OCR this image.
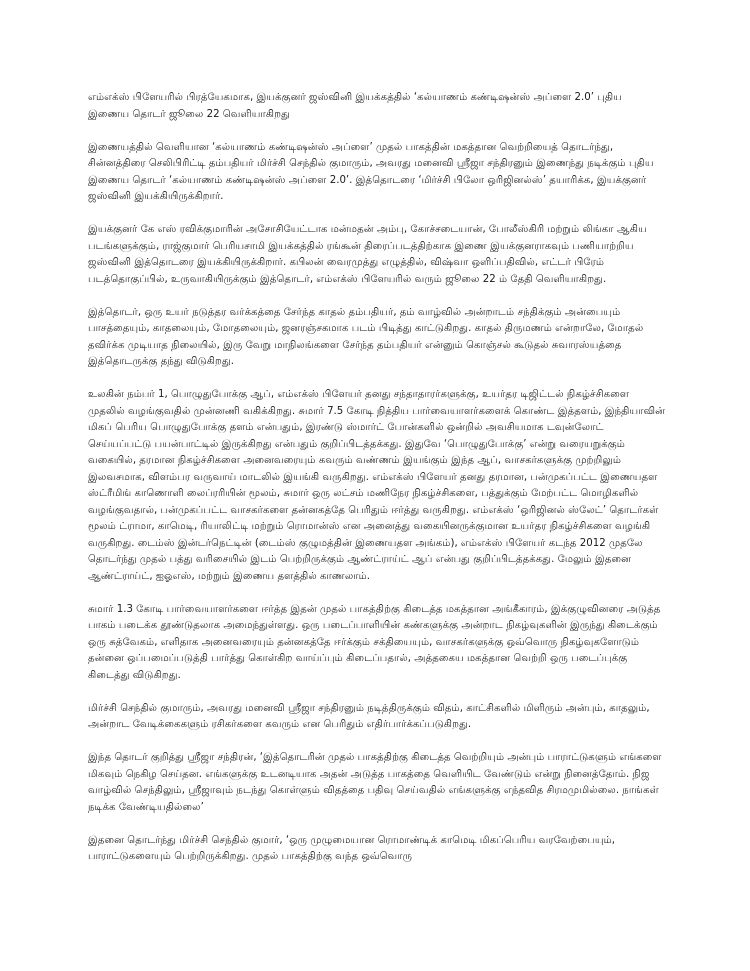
எம்எக்ஸ் பிளேயரில் பிரத்யேகமாக, இயக்குனர் ஜஸ்வினி இயக்கத்தில் ‘கல்யாணம் கண்டிஷன்ஸ் அப்ளை 2.0’ புதிய இணைய தொடர் ஜூலை 22 வெளியாகிறது

இணையத்தில் வெளியான ‘கல்யாணம் கண்டிஷன்ஸ் அப்ளை’ முதல் பாகத்தின் மகத்தான வெற்றியைத் தொடர்ந்து, சின்னத்திரை செலிபிரிட்டி தம்பதியர் மிர்ச்சி செந்தில் குமாரும், அவரது மனைவி ஸ்ரீஜா சந்திரனும் இணைந்து நடிக்கும் புதிய இணைய தொடர் ‘கல்யாணம் கண்டிஷன்ஸ் அப்ளை 2.0’. இத்தொடரை ‘மிர்ச்சி பிலோ ஒரிஜினல்ஸ்’ தயாரிக்க, இயக்குனர் ஜஸ்வினி இயக்கியிருக்கிறார்.

இயக்குனர் கே எஸ் ரவிக்குமாரின் அசோசியேட்டாக மன்மதன் அம்பு, கோச்சடையான், போலீஸ்கிரி மற்றும் லிங்கா ஆகிய படங்களுக்கும், ராஜ்குமார் பெரியசாமி இயக்கத்தில் ரங்கூன் திரைப்படத்திற்காக இணை இயக்குனராகவும் பணியாற்றிய ஜஸ்வினி இத்தொடரை இயக்கியிருக்கிறார். கபிலன் வைரமுத்து எழுத்தில், விஷ்வா ஒளிப்பதிவில், எட்டர் பிரேம் படத்தொகுப்பில், உருவாகியிருக்கும் இத்தொடர், எம்எக்ஸ் பிளேயரில் வரும் ஜூலை 22 ம் தேதி வெளியாகிறது.

இத்தொடர், ஒரு உயர் நடுத்தர வர்க்கத்தை சேர்ந்த காதல் தம்பதியர், தம் வாழ்வில் அன்றாடம் சந்திக்கும் அன்பையும் பாசத்தையும், காதலையும், மோதலையும், ஜனரஞ்சகமாக படம் பிடித்து காட்டுகிறது. காதல் திருமணம் என்றாலே, மோதல் தவிர்க்க முடியாத நிலையில், இரு வேறு மாநிலங்களை சேர்ந்த தம்பதியர் என்னும் கொஞ்சல் கூடுதல் சுவாரஸ்யத்தை இத்தொடருக்கு தந்து விடுகிறது.

உலகின் நம்பர் 1, பொழுதுபோக்கு ஆப், எம்எக்ஸ் பிளேயர் தனது சந்தாதாரர்களுக்கு, உயர்தர டிஜிட்டல் நிகழ்ச்சிகளை முதலில் வழங்குவதில் முன்னணி வகிக்கிறது. சுமார் 7.5 கோடி நித்திய பார்வையாளர்களைக் கொண்ட இத்தளம், இந்தியாவின் மிகப் பெரிய பொழுதுபோக்கு தளம் என்பதும், இரண்டு ஸ்மார்ட் போன்களில் ஒன்றில் அவசியமாக டவுன்லோட் செய்யப்பட்டு பயன்பாட்டில் இருக்கிறது என்பதும் குறிப்பிடத்தக்கது. இதுவே ‘பொழுதுபோக்கு’ என்று வரையறுக்கும் வகையில், தரமான நிகழ்ச்சிகளை அனைவரையும் கவரும் வண்ணம் இயங்கும் இந்த ஆப், வாசகர்களுக்கு முற்றிலும் இலவசமாக, விளம்பர வருவாய் மாடலில் இயங்கி வருகிறது. எம்எக்ஸ் பிளேயர் தனது தரமான, பன்முகப்பட்ட இணையதள ஸ்ட்ரீமிங் காணொளி லைப்ரரியின் மூலம், சுமார் ஒரு லட்சம் மணிநேர நிகழ்ச்சிகளை, பத்துக்கும் மேற்பட்ட மொழிகளில் வழங்குவதால், பன்முகப்பட்ட வாசகர்களை தன்னகத்தே பெரிதும் ஈர்த்து வருகிறது. எம்எக்ஸ் ‘ஒரிஜினல் ஸ்லேட்’ தொடர்கள் மூலம் ட்ராமா, காமெடி, ரியாலிட்டி மற்றும் ரொமான்ஸ் என அனைத்து வகையினருக்குமான உயர்தர நிகழ்ச்சிகளை வழங்கி வருகிறது. டைம்ஸ் இன்டர்நெட்டின் (டைம்ஸ் குழுமத்தின் இணையதள அங்கம்), எம்எக்ஸ் பிளேயர் கடந்த 2012 முதலே தொடர்ந்து முதல் பத்து வரிசையில் இடம் பெற்றிருக்கும் ஆண்ட்ராய்ட் ஆப் என்பது குறிப்பிடத்தக்கது. மேலும் இதனை ஆண்ட்ராய்ட், ஐஓஎஸ், மற்றும் இணைய தளத்தில் காணலாம்.

சுமார் 1.3 கோடி பார்வையாளர்களை ஈர்த்த இதன் முதல் பாகத்திற்கு கிடைத்த மகத்தான அங்கீகாரம், இக்குழுவினரை அடுத்த பாகம் படைக்க தூண்டுதலாக அமைந்துள்ளது. ஒரு படைப்பாளியின் கண்களுக்கு அன்றாட நிகழ்வுகளின் இருந்து கிடைக்கும் ஒரு சுத்வேகம், எளிதாக அனைவரையும் தன்னகத்தே ஈர்க்கும் சக்தியையும், வாசகர்களுக்கு ஒவ்வொரு நிகழ்வுகளோடும் தன்னை ஒப்பமைப்படுத்தி பார்த்து கொள்கிற வாய்ப்பும் கிடைப்பதால், அத்தகைய மகத்தான வெற்றி ஒரு படைப்புக்கு கிடைத்து விடுகிறது.

மிர்ச்சி செந்தில் குமாரும், அவரது மனைவி ஸ்ரீஜா சந்திரனும் நடித்திருக்கும் விதம், காட்சிகளில் மிளிரும் அன்பும், காதலும், அன்றாட வேடிக்கைகளும் ரசிகர்களை கவரும் என பெரிதும் எதிர்பார்க்கப்படுகிறது.

இந்த தொடர் குறித்து ஸ்ரீஜா சந்திரன், ‘இத்தொடரின் முதல் பாகத்திற்கு கிடைத்த வெற்றியும் அன்பும் பாராட்டுகளும் எங்களை மிகவும் நெகிழ செய்தன. எங்களுக்கு உடனடியாக அதன் அடுத்த பாகத்தை வெளியிட வேண்டும் என்று நினைத்தோம். நிஜ வாழ்வில் செந்திலும், ஸ்ரீஜாவும் நடந்து கொள்ளும் விதத்தை பதிவு செய்வதில் எங்களுக்கு எந்தவித சிரமமுமில்லை. நாங்கள் நடிக்க வேண்டியதில்லை’

இதனை தொடர்ந்து மிர்ச்சி செந்தில் குமார், ‘ஒரு முழுமையான ரொமாண்டிக் காமெடி மிகப்பெரிய வரவேற்பையும், பாராட்டுகளையும் பெற்றிருக்கிறது. முதல் பாகத்திற்கு வந்த ஒவ்வொரு
